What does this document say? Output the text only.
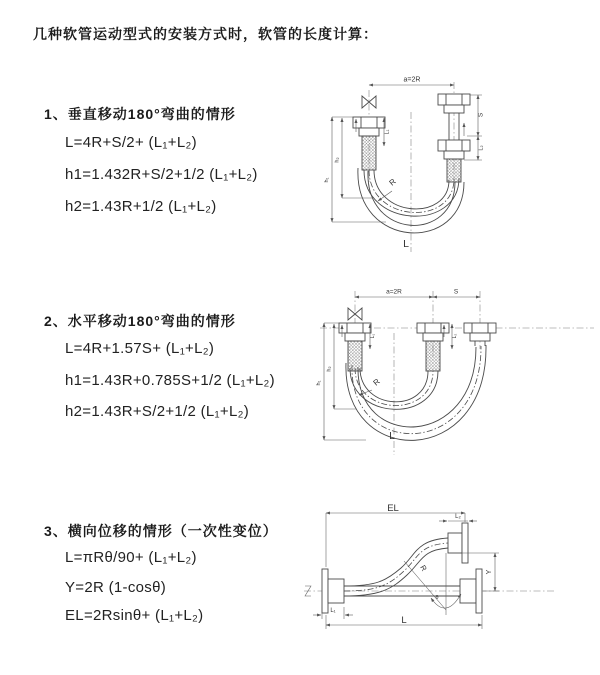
几种软管运动型式的安装方式时，软管的长度计算：
1、垂直移动180°弯曲的情形
L=4R+S/2+ (L₁+L₂)
h1=1.432R+S/2+1/2 (L₁+L₂)
h2=1.43R+1/2 (L₁+L₂)
2、水平移动180°弯曲的情形
L=4R+1.57S+ (L₁+L₂)
h1=1.43R+0.785S+1/2 (L₁+L₂)
h2=1.43R+S/2+1/2 (L₁+L₂)
3、横向位移的情形（一次性变位）
L=πRθ/90+ (L₁+L₂)
Y=2R (1-cosθ)
EL=2Rsinθ+ (L₁+L₂)
a=2R
L₁
R
S
L₂
h₁
h₂
L
a=2R	S
L₁	L₂
R
h₁
h₂
L
EL
L₂
Y
θ
R
L₁
L
